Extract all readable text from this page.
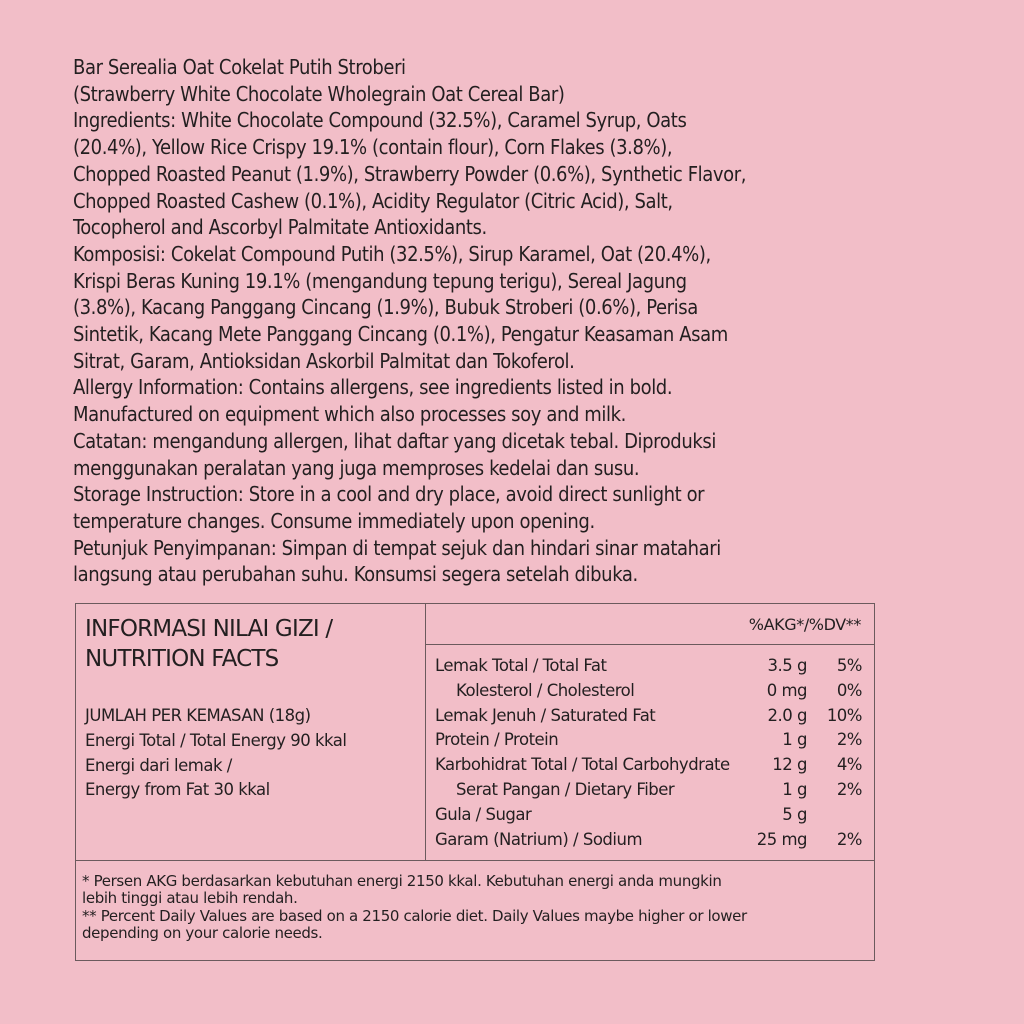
Bar Serealia Oat Cokelat Putih Stroberi
(Strawberry White Chocolate Wholegrain Oat Cereal Bar)
Ingredients: White Chocolate Compound (32.5%), Caramel Syrup, Oats
(20.4%), Yellow Rice Crispy 19.1% (contain flour), Corn Flakes (3.8%),
Chopped Roasted Peanut (1.9%), Strawberry Powder (0.6%), Synthetic Flavor,
Chopped Roasted Cashew (0.1%), Acidity Regulator (Citric Acid), Salt,
Tocopherol and Ascorbyl Palmitate Antioxidants.
Komposisi: Cokelat Compound Putih (32.5%), Sirup Karamel, Oat (20.4%),
Krispi Beras Kuning 19.1% (mengandung tepung terigu), Sereal Jagung
(3.8%), Kacang Panggang Cincang (1.9%), Bubuk Stroberi (0.6%), Perisa
Sintetik, Kacang Mete Panggang Cincang (0.1%), Pengatur Keasaman Asam
Sitrat, Garam, Antioksidan Askorbil Palmitat dan Tokoferol.
Allergy Information: Contains allergens, see ingredients listed in bold.
Manufactured on equipment which also processes soy and milk.
Catatan: mengandung allergen, lihat daftar yang dicetak tebal. Diproduksi
menggunakan peralatan yang juga memproses kedelai dan susu.
Storage Instruction: Store in a cool and dry place, avoid direct sunlight or
temperature changes. Consume immediately upon opening.
Petunjuk Penyimpanan: Simpan di tempat sejuk dan hindari sinar matahari
langsung atau perubahan suhu. Konsumsi segera setelah dibuka.
INFORMASI NILAI GIZI /
NUTRITION FACTS
JUMLAH PER KEMASAN (18g)
Energi Total / Total Energy 90 kkal
Energi dari lemak /
Energy from Fat 30 kkal
%AKG*/%DV**
Lemak Total / Total Fat	3.5 g 5%
Kolesterol / Cholesterol	0 mg 0%
Lemak Jenuh / Saturated Fat	2.0 g 10%
Protein / Protein	1 g 2%
Karbohidrat Total / Total Carbohydrate	12 g 4%
Serat Pangan / Dietary Fiber	1 g 2%
Gula / Sugar	5 g
Garam (Natrium) / Sodium	25 mg 2%
* Persen AKG berdasarkan kebutuhan energi 2150 kkal. Kebutuhan energi anda mungkin
lebih tinggi atau lebih rendah.
** Percent Daily Values are based on a 2150 calorie diet. Daily Values maybe higher or lower
depending on your calorie needs.
